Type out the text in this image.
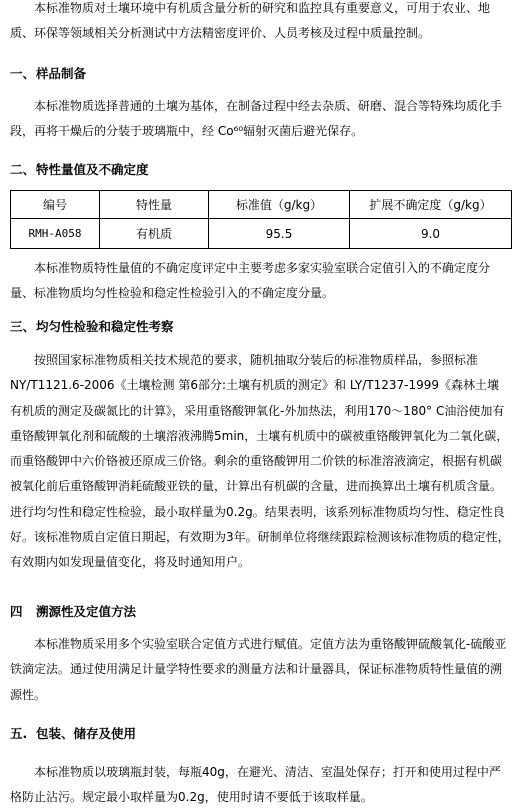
本标准物质对土壤环境中有机质含量分析的研究和监控具有重要意义，可用于农业、地质、环保等领域相关分析测试中方法精密度评价、人员考核及过程中质量控制。

一、样品制备

本标准物质选择普通的土壤为基体，在制备过程中经去杂质、研磨、混合等特殊均质化手段，再将干燥后的分装于玻璃瓶中，经 Co⁶⁰辐射灭菌后避光保存。

二、特性量值及不确定度
编号	特性量	标准值（g/kg）	扩展不确定度（g/kg）
RMH-A058	有机质	95.5	9.0

本标准物质特性量值的不确定度评定中主要考虑多家实验室联合定值引入的不确定度分量、标准物质均匀性检验和稳定性检验引入的不确定度分量。

三、均匀性检验和稳定性考察

按照国家标准物质相关技术规范的要求，随机抽取分装后的标准物质样品，参照标准 NY/T1121.6-2006《土壤检测 第6部分:土壤有机质的测定》和 LY/T1237-1999《森林土壤有机质的测定及碳氮比的计算》，采用重铬酸钾氧化-外加热法，利用170～180° C油浴使加有重铬酸钾氧化剂和硫酸的土壤溶液沸腾5min，土壤有机质中的碳被重铬酸钾氧化为二氧化碳，而重铬酸钾中六价铬被还原成三价铬。剩余的重铬酸钾用二价铁的标准溶液滴定，根据有机碳被氧化前后重铬酸钾消耗硫酸亚铁的量，计算出有机碳的含量，进而换算出土壤有机质含量。进行均匀性和稳定性检验，最小取样量为0.2g。结果表明，该系列标准物质均匀性、稳定性良好。该标准物质自定值日期起，有效期为3年。研制单位将继续跟踪检测该标准物质的稳定性，有效期内如发现量值变化，将及时通知用户。

四 溯源性及定值方法

本标准物质采用多个实验室联合定值方式进行赋值。定值方法为重铬酸钾硫酸氧化-硫酸亚铁滴定法。通过使用满足计量学特性要求的测量方法和计量器具，保证标准物质特性量值的溯源性。

五. 包装、储存及使用

本标准物质以玻璃瓶封装，每瓶40g，在避光、清洁、室温处保存；打开和使用过程中严格防止沾污。规定最小取样量为0.2g，使用时请不要低于该取样量。
